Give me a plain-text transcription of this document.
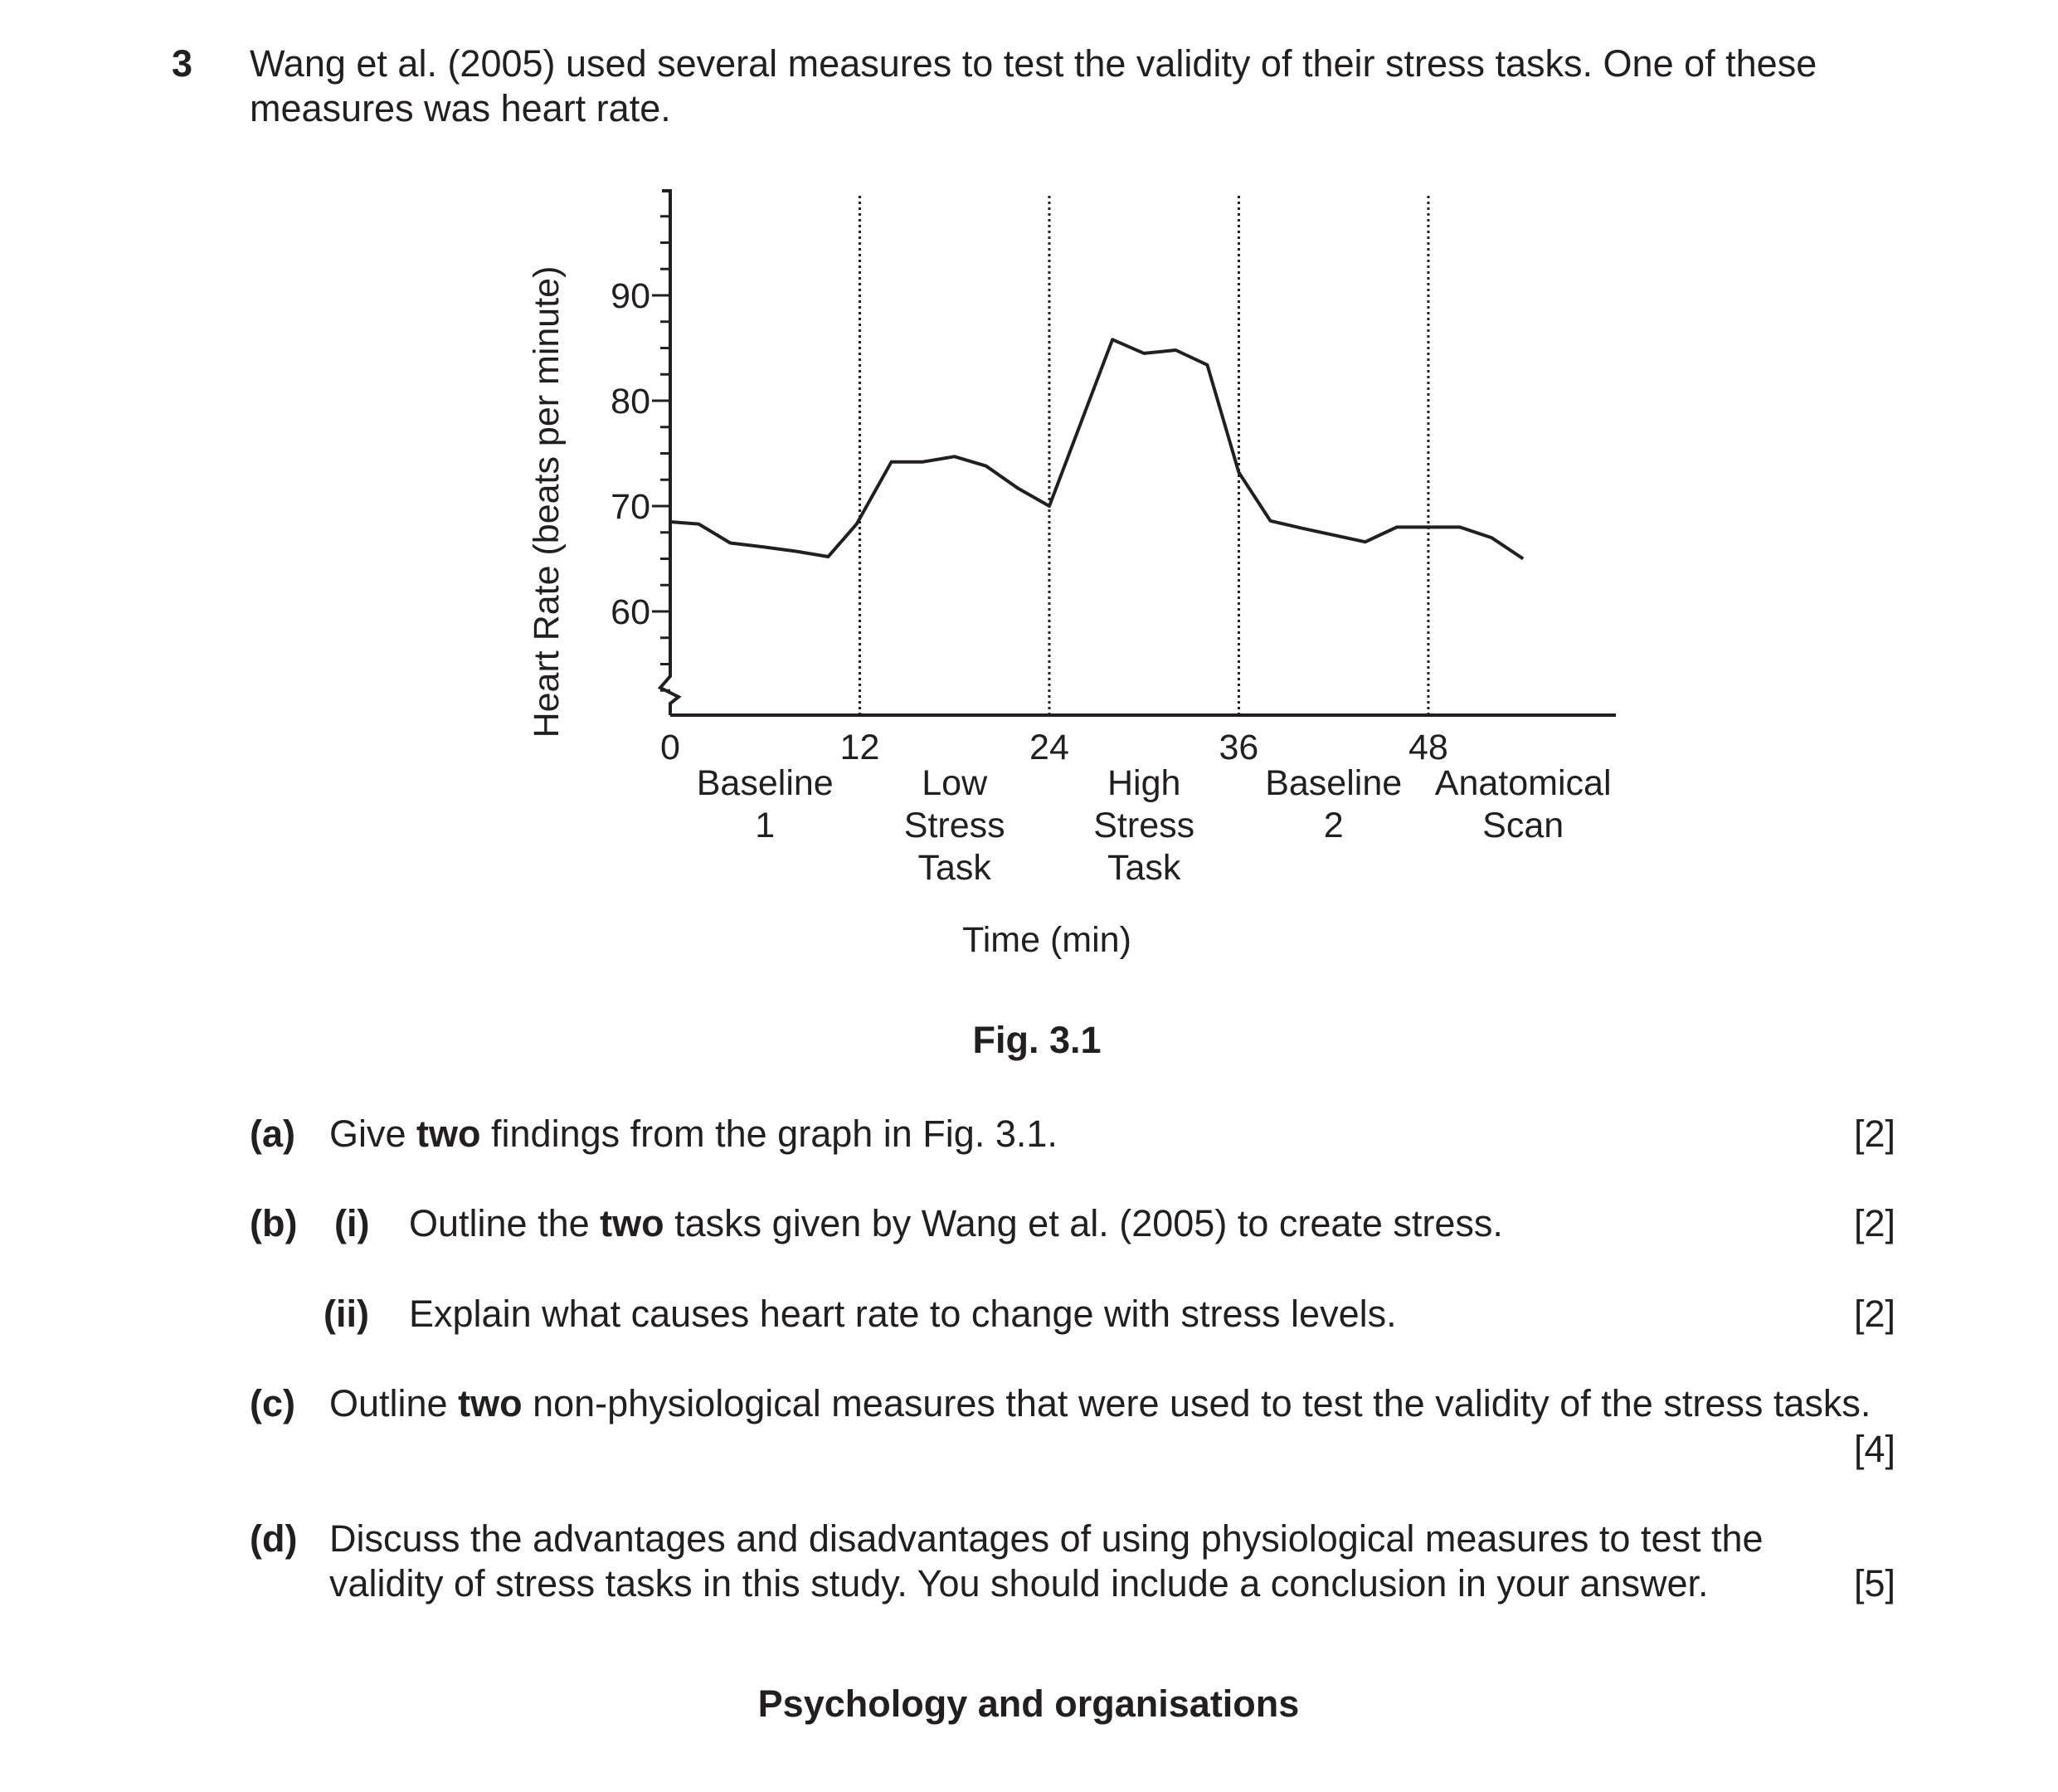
3 Wang et al. (2005) used several measures to test the validity of their stress tasks. One of these
measures was heart rate.
60
70
80
90
0	12	24	36	48
Baseline
1
Low
Stress
Task
High
Stress
Task
Baseline
2
Anatomical
Scan
Time (min)
Heart Rate (beats per minute)
Fig. 3.1
(a) Give two findings from the graph in Fig. 3.1.	[2]
(b) (i) Outline the two tasks given by Wang et al. (2005) to create stress.	[2]
(ii) Explain what causes heart rate to change with stress levels.	[2]
(c) Outline two non-physiological measures that were used to test the validity of the stress tasks.
[4]
(d) Discuss the advantages and disadvantages of using physiological measures to test the
validity of stress tasks in this study. You should include a conclusion in your answer.	[5]
Psychology and organisations
